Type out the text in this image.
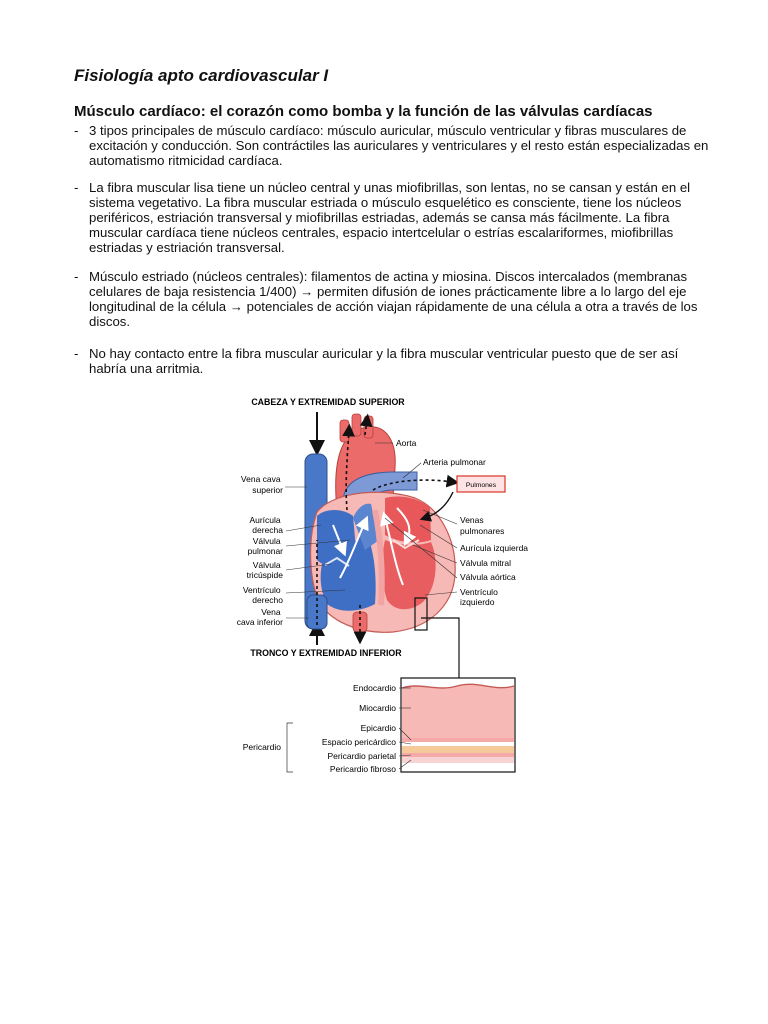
Fisiología apto cardiovascular I
Músculo cardíaco: el corazón como bomba y la función de las válvulas cardíacas
- 3 tipos principales de músculo cardíaco: músculo auricular, músculo ventricular y fibras musculares de excitación y conducción. Son contráctiles las auriculares y ventriculares y el resto están especializadas en automatismo ritmicidad cardíaca.
- La fibra muscular lisa tiene un núcleo central y unas miofibrillas, son lentas, no se cansan y están en el sistema vegetativo. La fibra muscular estriada o músculo esquelético es consciente, tiene los núcleos periféricos, estriación transversal y miofibrillas estriadas, además se cansa más fácilmente. La fibra muscular cardíaca tiene núcleos centrales, espacio intertcelular o estrías escalariformes, miofibrillas estriadas y estriación transversal.
- Músculo estriado (núcleos centrales): filamentos de actina y miosina. Discos intercalados (membranas celulares de baja resistencia 1/400) → permiten difusión de iones prácticamente libre a lo largo del eje longitudinal de la célula → potenciales de acción viajan rápidamente de una célula a otra a través de los discos.
- No hay contacto entre la fibra muscular auricular y la fibra muscular ventricular puesto que de ser así habría una arritmia.
CABEZA Y EXTREMIDAD SUPERIOR
TRONCO Y EXTREMIDAD INFERIOR
Pulmones
Vena cava superior
Aurícula derecha
Válvula pulmonar
Válvula tricúspide
Ventrículo derecho
Vena cava inferior
Aorta
Arteria pulmonar
Venas pulmonares
Aurícula izquierda
Válvula mitral
Válvula aórtica
Ventrículo izquierdo
Endocardio
Miocardio
Epicardio
Espacio pericárdico
Pericardio parietal
Pericardio fibroso
Pericardio
